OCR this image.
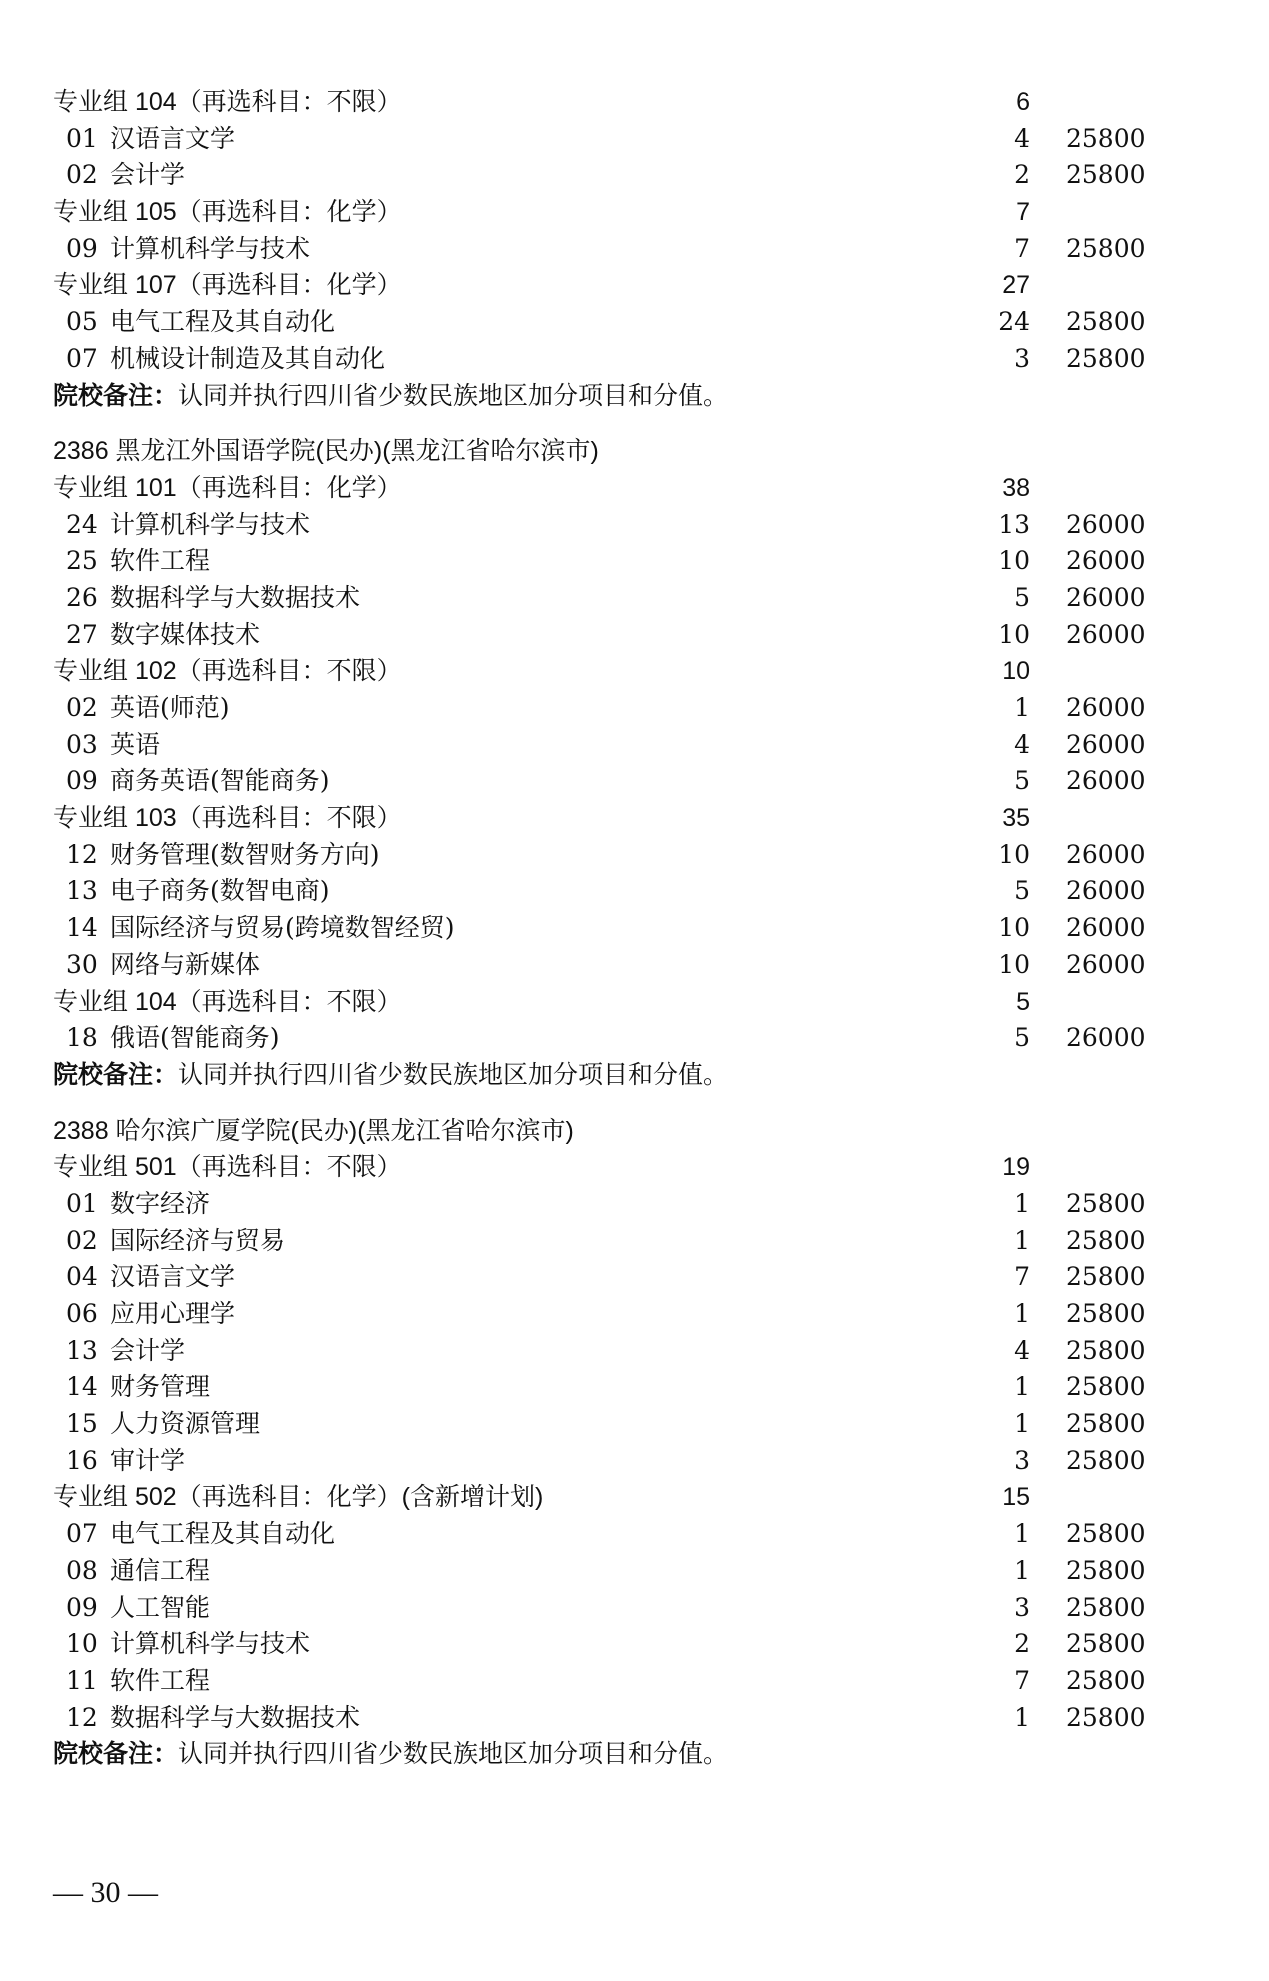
专业组 104（再选科目：不限）	6
01 汉语言文学	4 25800
02 会计学	2 25800
专业组 105（再选科目：化学）	7
09 计算机科学与技术	7 25800
专业组 107（再选科目：化学）	27
05 电气工程及其自动化	24 25800
07 机械设计制造及其自动化	3 25800
院校备注：认同并执行四川省少数民族地区加分项目和分值。
2386 黑龙江外国语学院(民办)(黑龙江省哈尔滨市)
专业组 101（再选科目：化学）	38
24 计算机科学与技术	13 26000
25 软件工程	10 26000
26 数据科学与大数据技术	5 26000
27 数字媒体技术	10 26000
专业组 102（再选科目：不限）	10
02 英语(师范)	1 26000
03 英语	4 26000
09 商务英语(智能商务)	5 26000
专业组 103（再选科目：不限）	35
12 财务管理(数智财务方向)	10 26000
13 电子商务(数智电商)	5 26000
14 国际经济与贸易(跨境数智经贸)	10 26000
30 网络与新媒体	10 26000
专业组 104（再选科目：不限）	5
18 俄语(智能商务)	5 26000
院校备注：认同并执行四川省少数民族地区加分项目和分值。
2388 哈尔滨广厦学院(民办)(黑龙江省哈尔滨市)
专业组 501（再选科目：不限）	19
01 数字经济	1 25800
02 国际经济与贸易	1 25800
04 汉语言文学	7 25800
06 应用心理学	1 25800
13 会计学	4 25800
14 财务管理	1 25800
15 人力资源管理	1 25800
16 审计学	3 25800
专业组 502（再选科目：化学）(含新增计划)	15
07 电气工程及其自动化	1 25800
08 通信工程	1 25800
09 人工智能	3 25800
10 计算机科学与技术	2 25800
11 软件工程	7 25800
12 数据科学与大数据技术	1 25800
院校备注：认同并执行四川省少数民族地区加分项目和分值。
— 30 —
